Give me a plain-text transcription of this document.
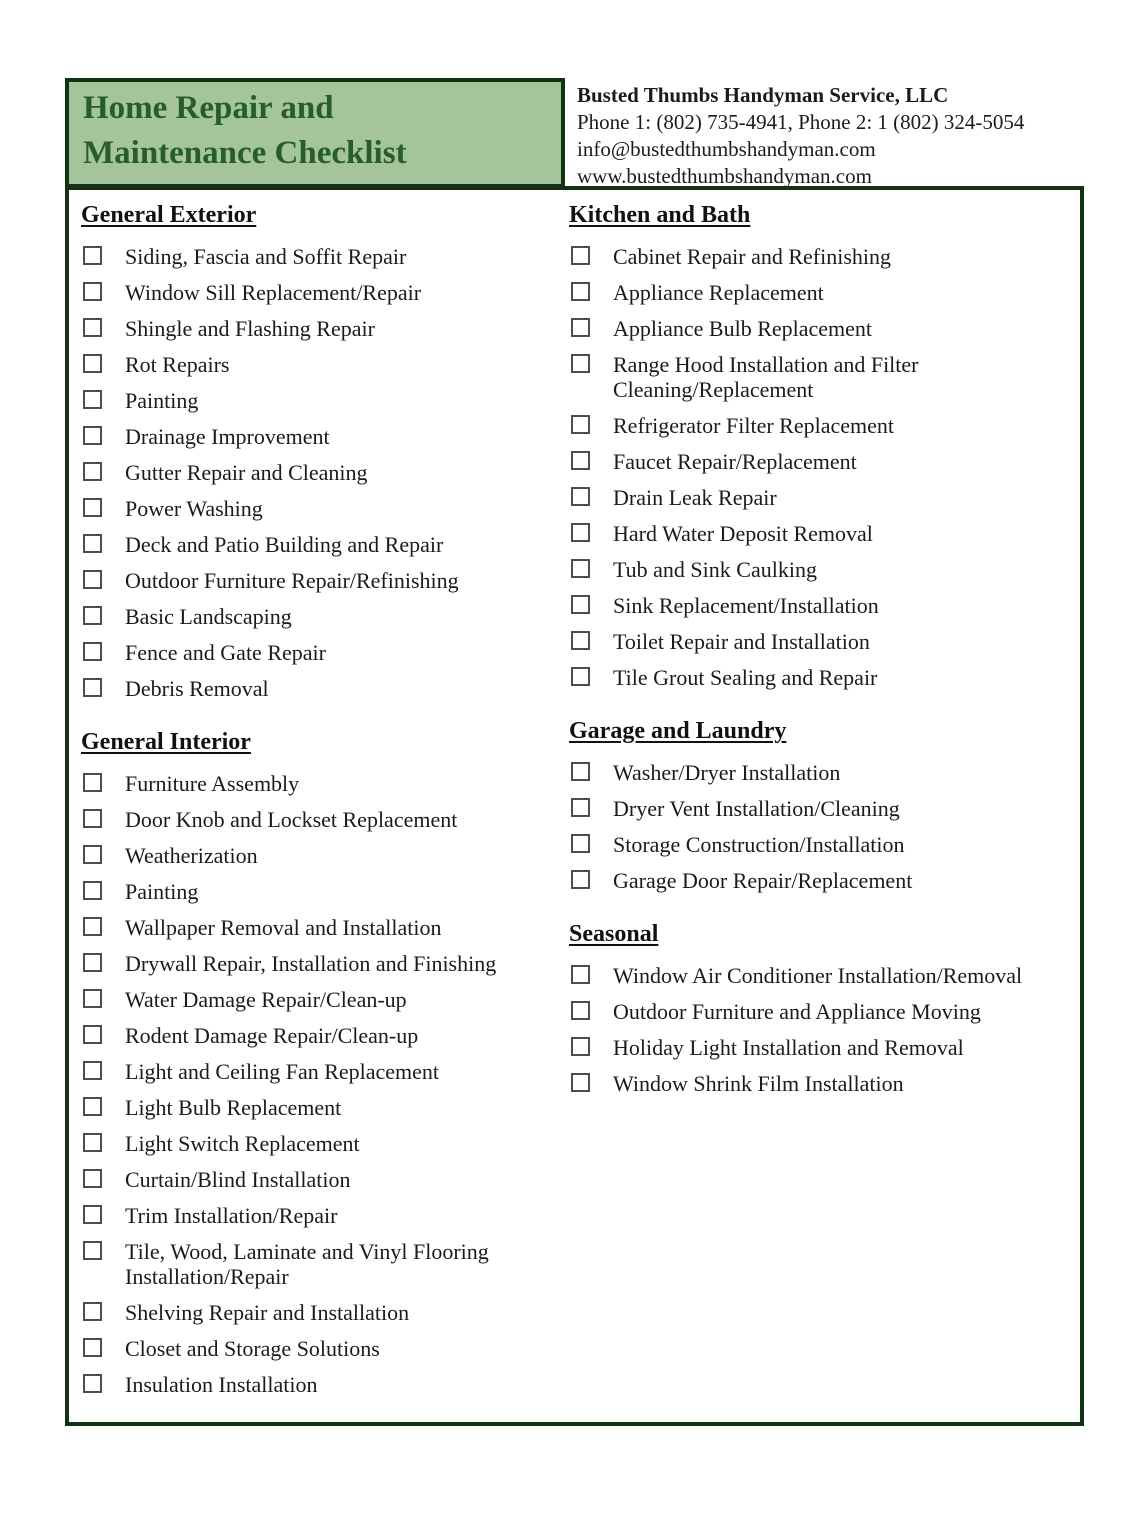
Home Repair and
Maintenance Checklist
Busted Thumbs Handyman Service, LLC
Phone 1: (802) 735-4941, Phone 2: 1 (802) 324-5054
info@bustedthumbshandyman.com
www.bustedthumbshandyman.com
General Exterior
Siding, Fascia and Soffit Repair
Window Sill Replacement/Repair
Shingle and Flashing Repair
Rot Repairs
Painting
Drainage Improvement
Gutter Repair and Cleaning
Power Washing
Deck and Patio Building and Repair
Outdoor Furniture Repair/Refinishing
Basic Landscaping
Fence and Gate Repair
Debris Removal
General Interior
Furniture Assembly
Door Knob and Lockset Replacement
Weatherization
Painting
Wallpaper Removal and Installation
Drywall Repair, Installation and Finishing
Water Damage Repair/Clean-up
Rodent Damage Repair/Clean-up
Light and Ceiling Fan Replacement
Light Bulb Replacement
Light Switch Replacement
Curtain/Blind Installation
Trim Installation/Repair
Tile, Wood, Laminate and Vinyl Flooring Installation/Repair
Shelving Repair and Installation
Closet and Storage Solutions
Insulation Installation
Kitchen and Bath
Cabinet Repair and Refinishing
Appliance Replacement
Appliance Bulb Replacement
Range Hood Installation and Filter Cleaning/Replacement
Refrigerator Filter Replacement
Faucet Repair/Replacement
Drain Leak Repair
Hard Water Deposit Removal
Tub and Sink Caulking
Sink Replacement/Installation
Toilet Repair and Installation
Tile Grout Sealing and Repair
Garage and Laundry
Washer/Dryer Installation
Dryer Vent Installation/Cleaning
Storage Construction/Installation
Garage Door Repair/Replacement
Seasonal
Window Air Conditioner Installation/Removal
Outdoor Furniture and Appliance Moving
Holiday Light Installation and Removal
Window Shrink Film Installation
